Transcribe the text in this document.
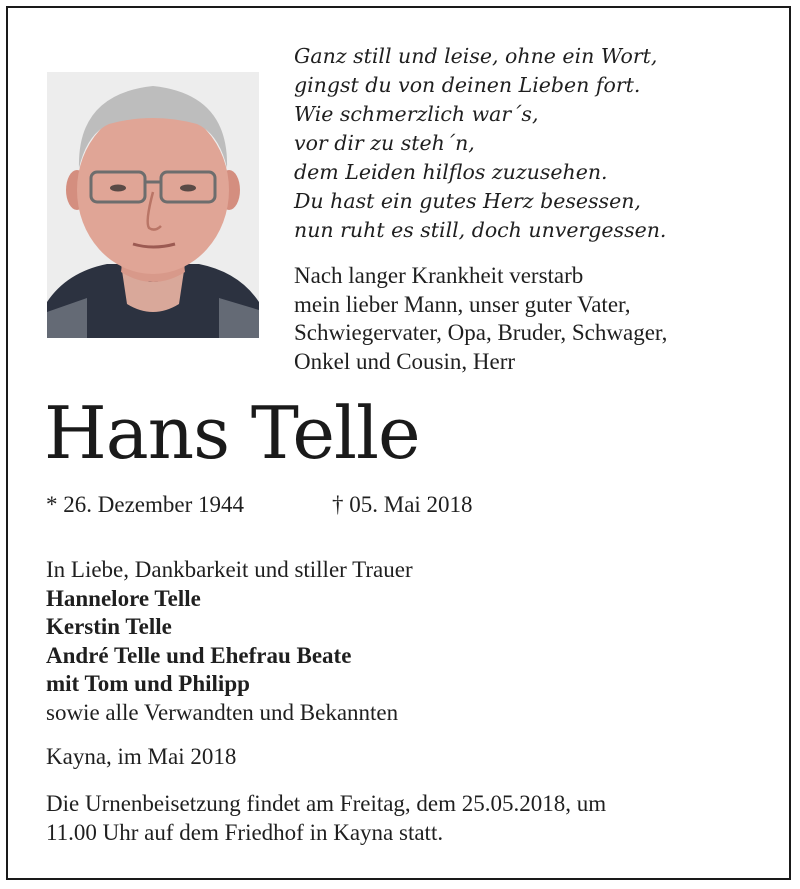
Ganz still und leise, ohne ein Wort,
gingst du von deinen Lieben fort.
Wie schmerzlich war´s,
vor dir zu steh´n,
dem Leiden hilflos zuzusehen.
Du hast ein gutes Herz besessen,
nun ruht es still, doch unvergessen.
Nach langer Krankheit verstarb
mein lieber Mann, unser guter Vater,
Schwiegervater, Opa, Bruder, Schwager,
Onkel und Cousin, Herr
Hans Telle
* 26. Dezember 1944	† 05. Mai 2018
In Liebe, Dankbarkeit und stiller Trauer
Hannelore Telle
Kerstin Telle
André Telle und Ehefrau Beate
mit Tom und Philipp
sowie alle Verwandten und Bekannten
Kayna, im Mai 2018
Die Urnenbeisetzung findet am Freitag, dem 25.05.2018, um
11.00 Uhr auf dem Friedhof in Kayna statt.
